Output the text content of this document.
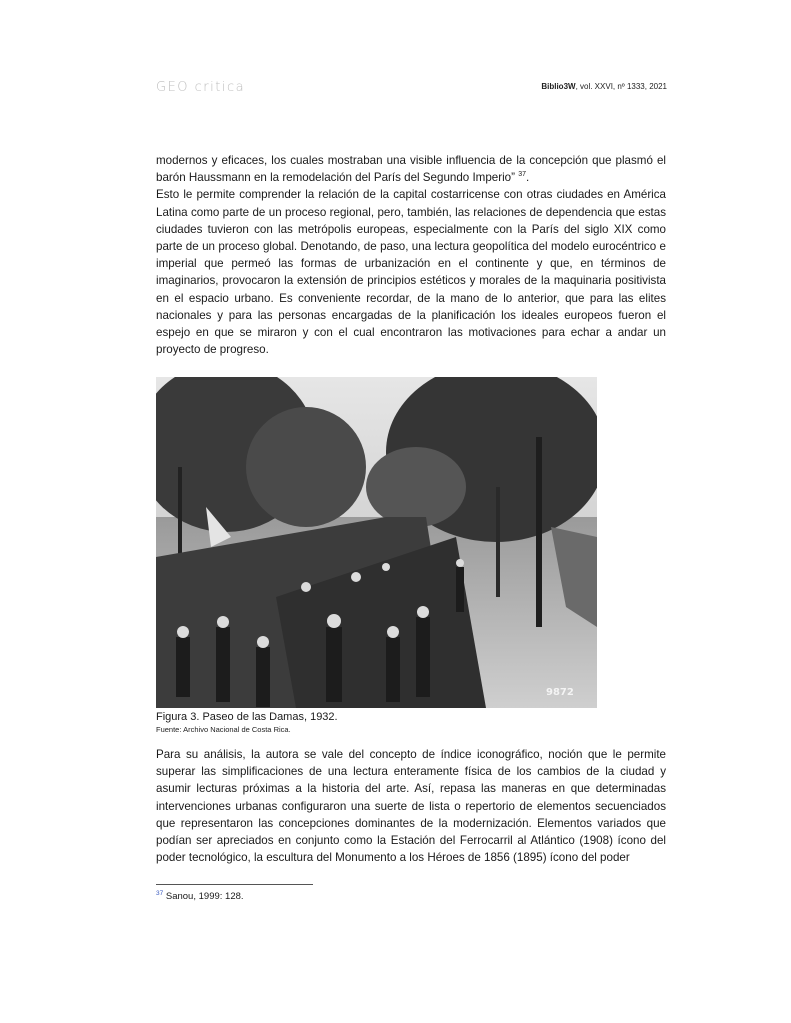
GEO critica	Biblio3W, vol. XXVI, nº 1333, 2021

modernos y eficaces, los cuales mostraban una visible influencia de la concepción que plasmó el barón Haussmann en la remodelación del París del Segundo Imperio” $^{37}$.

Esto le permite comprender la relación de la capital costarricense con otras ciudades en América Latina como parte de un proceso regional, pero, también, las relaciones de dependencia que estas ciudades tuvieron con las metrópolis europeas, especialmente con la París del siglo XIX como parte de un proceso global. Denotando, de paso, una lectura geopolítica del modelo eurocéntrico e imperial que permeó las formas de urbanización en el continente y que, en términos de imaginarios, provocaron la extensión de principios estéticos y morales de la maquinaria positivista en el espacio urbano. Es conveniente recordar, de la mano de lo anterior, que para las elites nacionales y para las personas encargadas de la planificación los ideales europeos fueron el espejo en que se miraron y con el cual encontraron las motivaciones para echar a andar un proyecto de progreso.

9872
Figura 3. Paseo de las Damas, 1932.
Fuente: Archivo Nacional de Costa Rica.

Para su análisis, la autora se vale del concepto de índice iconográfico, noción que le permite superar las simplificaciones de una lectura enteramente física de los cambios de la ciudad y asumir lecturas próximas a la historia del arte. Así, repasa las maneras en que determinadas intervenciones urbanas configuraron una suerte de lista o repertorio de elementos secuenciados que representaron las concepciones dominantes de la modernización. Elementos variados que podían ser apreciados en conjunto como la Estación del Ferrocarril al Atlántico (1908) ícono del poder tecnológico, la escultura del Monumento a los Héroes de 1856 (1895) ícono del poder

$^{37}$ Sanou, 1999: 128.
